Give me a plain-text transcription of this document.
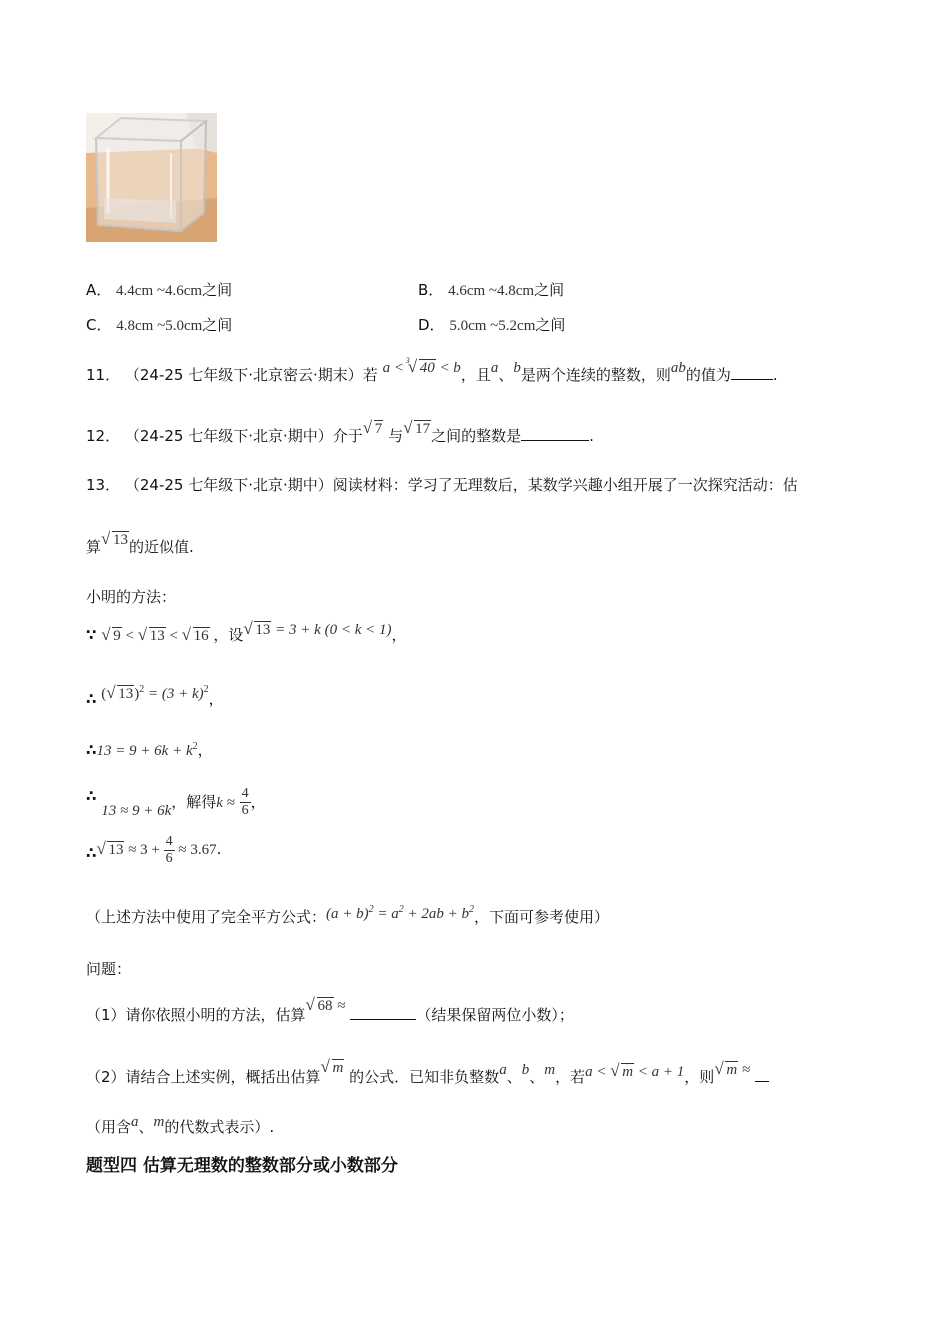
A． 4.4cm ~4.6cm之间	B． 4.6cm ~4.8cm之间
C． 4.8cm ~5.0cm之间	D． 5.0cm ~5.2cm之间
11． （24-25 七年级下·北京密云·期末）若 a < √ 3 40 < b，且a、b是两个连续的整数，则ab的值为	.
12． （24-25 七年级下·北京·期中）介于 √ 7 与 √ 17之间的整数是	.
13． （24-25 七年级下·北京·期中）阅读材料：学习了无理数后，某数学兴趣小组开展了一次探究活动：估
算 √ 13的近似值.
小明的方法：
∵ √ 9 < √ 13 < √ 16 ，设 √ 13 = 3 + k (0 < k < 1)，
∴ ( √ $13)^2 = (3 + k)^2$，
∴13 = $9 + 6k + k^2$，
∴ 13 ≈ 9 + 6k，解得$k \approx \frac{4}{6}$ ，
∴ √ $13 \approx 3 + \frac{4}{6} \approx 3.67$.
（上述方法中使用了完全平方公式：$(a + b)^2 = a^2 + 2ab + b^2$，下面可参考使用）
问题：
（1）请你依照小明的方法，估算 √ 68 ≈	（结果保留两位小数）；
（2）请结合上述实例，概括出估算 √ m 的公式．已知非负整数a、b、m，若a < √ m < a + 1，则 √ m ≈
（用含a、m的代数式表示）.
题型四 估算无理数的整数部分或小数部分
